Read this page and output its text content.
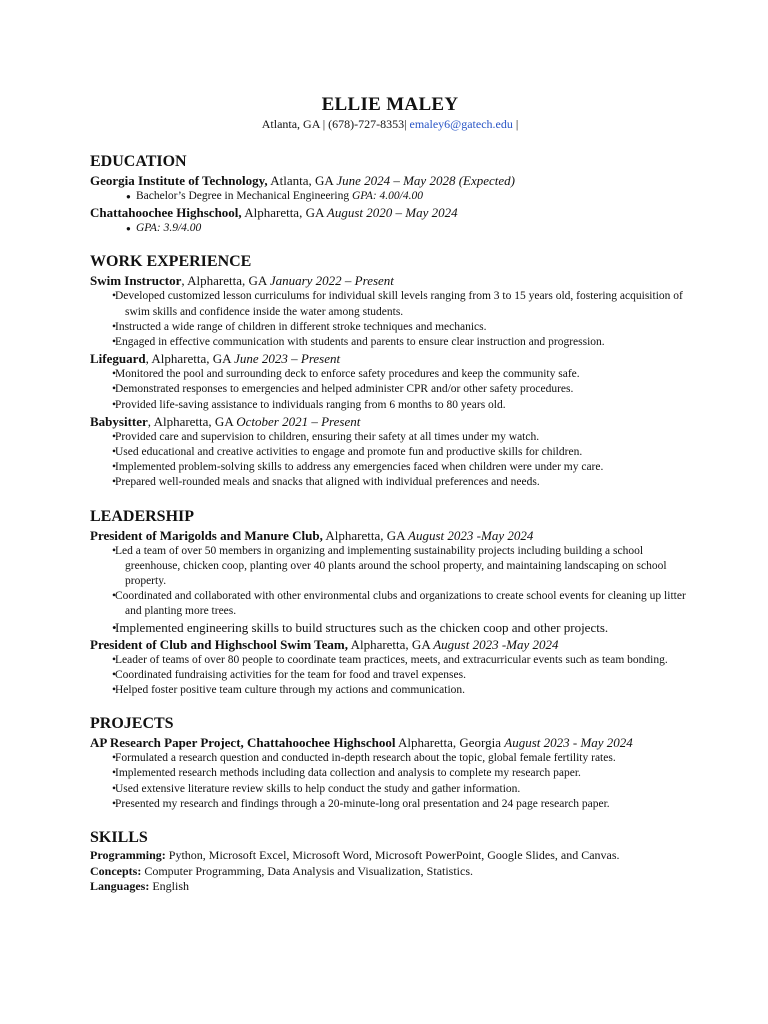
ELLIE MALEY

Atlanta, GA | (678)-727-8353| emaley6@gatech.edu |

EDUCATION

Georgia Institute of Technology, Atlanta, GA June 2024 – May 2028 (Expected)

● Bachelor’s Degree in Mechanical Engineering GPA: 4.00/4.00

Chattahoochee Highschool, Alpharetta, GA August 2020 – May 2024

● GPA: 3.9/4.00

WORK EXPERIENCE

Swim Instructor, Alpharetta, GA January 2022 – Present

• Developed customized lesson curriculums for individual skill levels ranging from 3 to 15 years old, fostering acquisition of swim skills and confidence inside the water among students.
• Instructed a wide range of children in different stroke techniques and mechanics.
• Engaged in effective communication with students and parents to ensure clear instruction and progression.

Lifeguard, Alpharetta, GA June 2023 – Present

• Monitored the pool and surrounding deck to enforce safety procedures and keep the community safe.
• Demonstrated responses to emergencies and helped administer CPR and/or other safety procedures.
• Provided life-saving assistance to individuals ranging from 6 months to 80 years old.

Babysitter, Alpharetta, GA October 2021 – Present

• Provided care and supervision to children, ensuring their safety at all times under my watch.
• Used educational and creative activities to engage and promote fun and productive skills for children.
• Implemented problem-solving skills to address any emergencies faced when children were under my care.
• Prepared well-rounded meals and snacks that aligned with individual preferences and needs.

LEADERSHIP

President of Marigolds and Manure Club, Alpharetta, GA August 2023 -May 2024

• Led a team of over 50 members in organizing and implementing sustainability projects including building a school greenhouse, chicken coop, planting over 40 plants around the school property, and maintaining landscaping on school property.
• Coordinated and collaborated with other environmental clubs and organizations to create school events for cleaning up litter and planting more trees.
• Implemented engineering skills to build structures such as the chicken coop and other projects.

President of Club and Highschool Swim Team, Alpharetta, GA August 2023 -May 2024

• Leader of teams of over 80 people to coordinate team practices, meets, and extracurricular events such as team bonding.
• Coordinated fundraising activities for the team for food and travel expenses.
• Helped foster positive team culture through my actions and communication.

PROJECTS

AP Research Paper Project, Chattahoochee Highschool Alpharetta, Georgia August 2023 - May 2024

• Formulated a research question and conducted in-depth research about the topic, global female fertility rates.
• Implemented research methods including data collection and analysis to complete my research paper.
• Used extensive literature review skills to help conduct the study and gather information.
• Presented my research and findings through a 20-minute-long oral presentation and 24 page research paper.

SKILLS

Programming: Python, Microsoft Excel, Microsoft Word, Microsoft PowerPoint, Google Slides, and Canvas.

Concepts: Computer Programming, Data Analysis and Visualization, Statistics.

Languages: English
